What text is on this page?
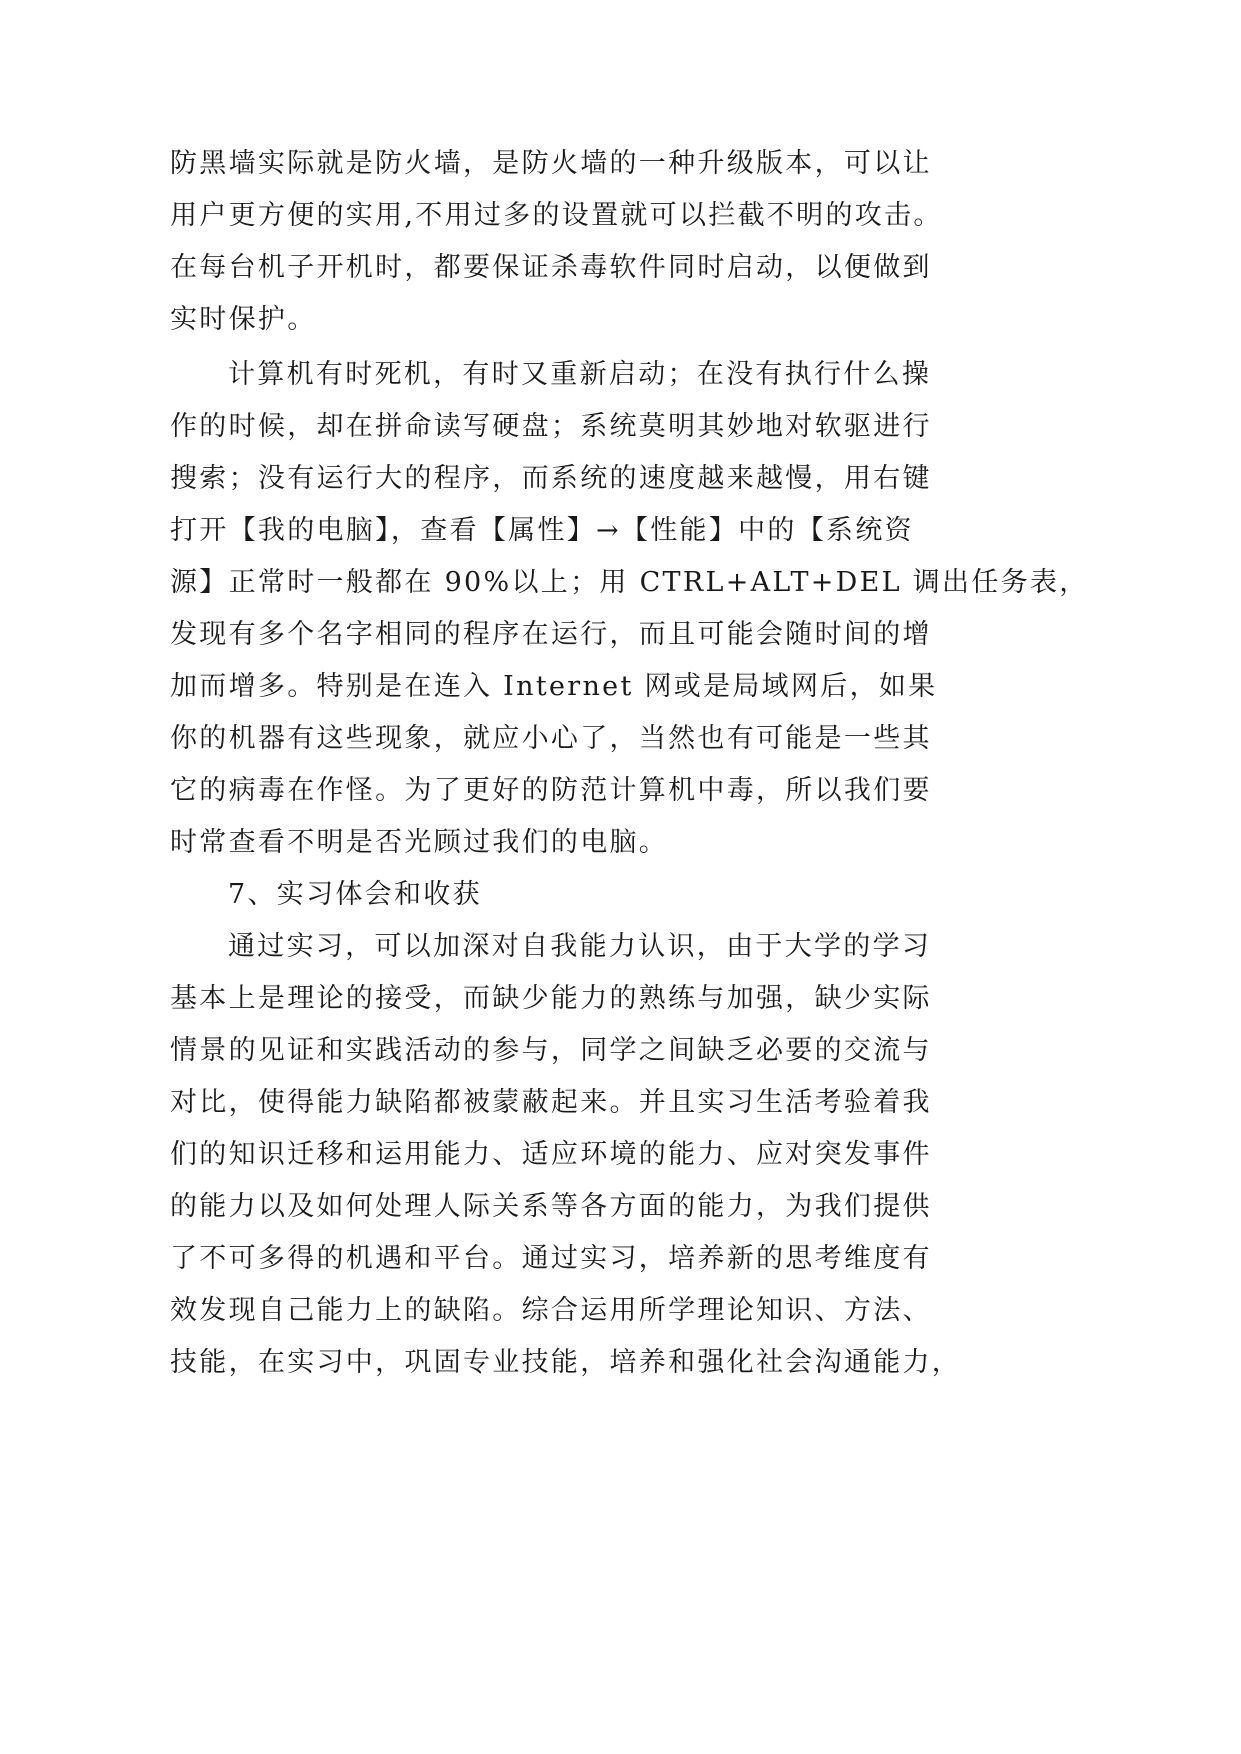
防黑墙实际就是防火墙，是防火墙的一种升级版本，可以让
用户更方便的实用,不用过多的设置就可以拦截不明的攻击。
在每台机子开机时，都要保证杀毒软件同时启动，以便做到
实时保护。
计算机有时死机，有时又重新启动；在没有执行什么操
作的时候，却在拼命读写硬盘；系统莫明其妙地对软驱进行
搜索；没有运行大的程序，而系统的速度越来越慢，用右键
打开【我的电脑】，查看【属性】→【性能】中的【系统资
源】正常时一般都在 90%以上；用 CTRL+ALT+DEL 调出任务表，
发现有多个名字相同的程序在运行，而且可能会随时间的增
加而增多。特别是在连入 Internet 网或是局域网后，如果
你的机器有这些现象，就应小心了，当然也有可能是一些其
它的病毒在作怪。为了更好的防范计算机中毒，所以我们要
时常查看不明是否光顾过我们的电脑。
7、实习体会和收获
通过实习，可以加深对自我能力认识，由于大学的学习
基本上是理论的接受，而缺少能力的熟练与加强，缺少实际
情景的见证和实践活动的参与，同学之间缺乏必要的交流与
对比，使得能力缺陷都被蒙蔽起来。并且实习生活考验着我
们的知识迁移和运用能力、适应环境的能力、应对突发事件
的能力以及如何处理人际关系等各方面的能力，为我们提供
了不可多得的机遇和平台。通过实习，培养新的思考维度有
效发现自己能力上的缺陷。综合运用所学理论知识、方法、
技能，在实习中，巩固专业技能，培养和强化社会沟通能力，
